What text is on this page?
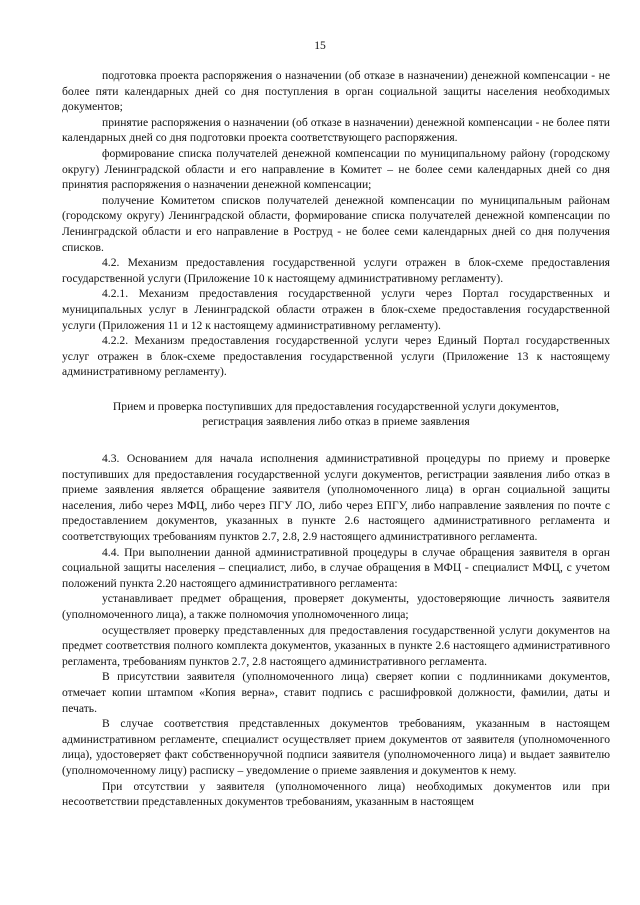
15

подготовка проекта распоряжения о назначении (об отказе в назначении) денежной компенсации - не более пяти календарных дней со дня поступления в орган социальной защиты населения необходимых документов;

принятие распоряжения о назначении (об отказе в назначении) денежной компенсации - не более пяти календарных дней со дня подготовки проекта соответствующего распоряжения.

формирование списка получателей денежной компенсации по муниципальному району (городскому округу) Ленинградской области и его направление в Комитет – не более семи календарных дней со дня принятия распоряжения о назначении денежной компенсации;

получение Комитетом списков получателей денежной компенсации по муниципальным районам (городскому округу) Ленинградской области, формирование списка получателей денежной компенсации по Ленинградской области и его направление в Роструд - не более семи календарных дней со дня получения списков.

4.2. Механизм предоставления государственной услуги отражен в блок-схеме предоставления государственной услуги (Приложение 10 к настоящему административному регламенту).

4.2.1. Механизм предоставления государственной услуги через Портал государственных и муниципальных услуг в Ленинградской области отражен в блок-схеме предоставления государственной услуги (Приложения 11 и 12 к настоящему административному регламенту).

4.2.2. Механизм предоставления государственной услуги через Единый Портал государственных услуг отражен в блок-схеме предоставления государственной услуги (Приложение 13 к настоящему административному регламенту).

Прием и проверка поступивших для предоставления государственной услуги документов, регистрация заявления либо отказ в приеме заявления

4.3. Основанием для начала исполнения административной процедуры по приему и проверке поступивших для предоставления государственной услуги документов, регистрации заявления либо отказ в приеме заявления является обращение заявителя (уполномоченного лица) в орган социальной защиты населения, либо через МФЦ, либо через ПГУ ЛО, либо через ЕПГУ, либо направление заявления по почте с предоставлением документов, указанных в пункте 2.6 настоящего административного регламента и соответствующих требованиям пунктов 2.7, 2.8, 2.9 настоящего административного регламента.

4.4. При выполнении данной административной процедуры в случае обращения заявителя в орган социальной защиты населения – специалист, либо, в случае обращения в МФЦ - специалист МФЦ, с учетом положений пункта 2.20 настоящего административного регламента:

устанавливает предмет обращения, проверяет документы, удостоверяющие личность заявителя (уполномоченного лица), а также полномочия уполномоченного лица;

осуществляет проверку представленных для предоставления государственной услуги документов на предмет соответствия полного комплекта документов, указанных в пункте 2.6 настоящего административного регламента, требованиям пунктов 2.7, 2.8 настоящего административного регламента.

В присутствии заявителя (уполномоченного лица) сверяет копии с подлинниками документов, отмечает копии штампом «Копия верна», ставит подпись с расшифровкой должности, фамилии, даты и печать.

В случае соответствия представленных документов требованиям, указанным в настоящем административном регламенте, специалист осуществляет прием документов от заявителя (уполномоченного лица), удостоверяет факт собственноручной подписи заявителя (уполномоченного лица) и выдает заявителю (уполномоченному лицу) расписку – уведомление о приеме заявления и документов к нему.

При отсутствии у заявителя (уполномоченного лица) необходимых документов или при несоответствии представленных документов требованиям, указанным в настоящем
